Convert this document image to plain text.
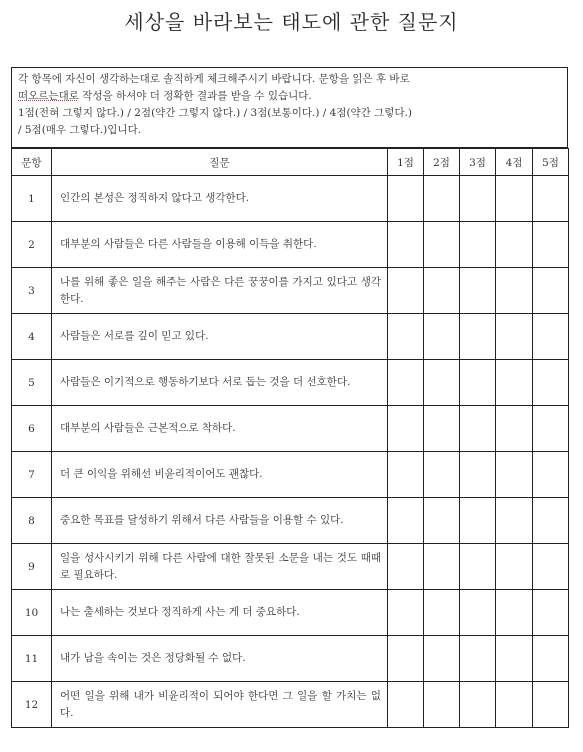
세상을 바라보는 태도에 관한 질문지
각 항목에 자신이 생각하는대로 솔직하게 체크해주시기 바랍니다. 문항을 읽은 후 바로
떠오르는대로 작성을 하셔야 더 정확한 결과를 받을 수 있습니다.
1점(전혀 그렇지 않다.) / 2점(약간 그렇지 않다.) / 3점(보통이다.) / 4점(약간 그렇다.)
/ 5점(매우 그렇다.)입니다.
문항	질문	1점	2점	3점	4점	5점
1	인간의 본성은 정직하지 않다고 생각한다.					
2	대부분의 사람들은 다른 사람들을 이용해 이득을 취한다.					
3	나를 위해 좋은 일을 해주는 사람은 다른 꿍꿍이를 가지고 있다고 생각한다.					
4	사람들은 서로를 깊이 믿고 있다.					
5	사람들은 이기적으로 행동하기보다 서로 돕는 것을 더 선호한다.					
6	대부분의 사람들은 근본적으로 착하다.					
7	더 큰 이익을 위해선 비윤리적이어도 괜찮다.					
8	중요한 목표를 달성하기 위해서 다른 사람들을 이용할 수 있다.					
9	일을 성사시키기 위해 다른 사람에 대한 잘못된 소문을 내는 것도 때때로 필요하다.					
10	나는 출세하는 것보다 정직하게 사는 게 더 중요하다.					
11	내가 남을 속이는 것은 정당화될 수 없다.					
12	어떤 일을 위해 내가 비윤리적이 되어야 한다면 그 일을 할 가치는 없다.					
